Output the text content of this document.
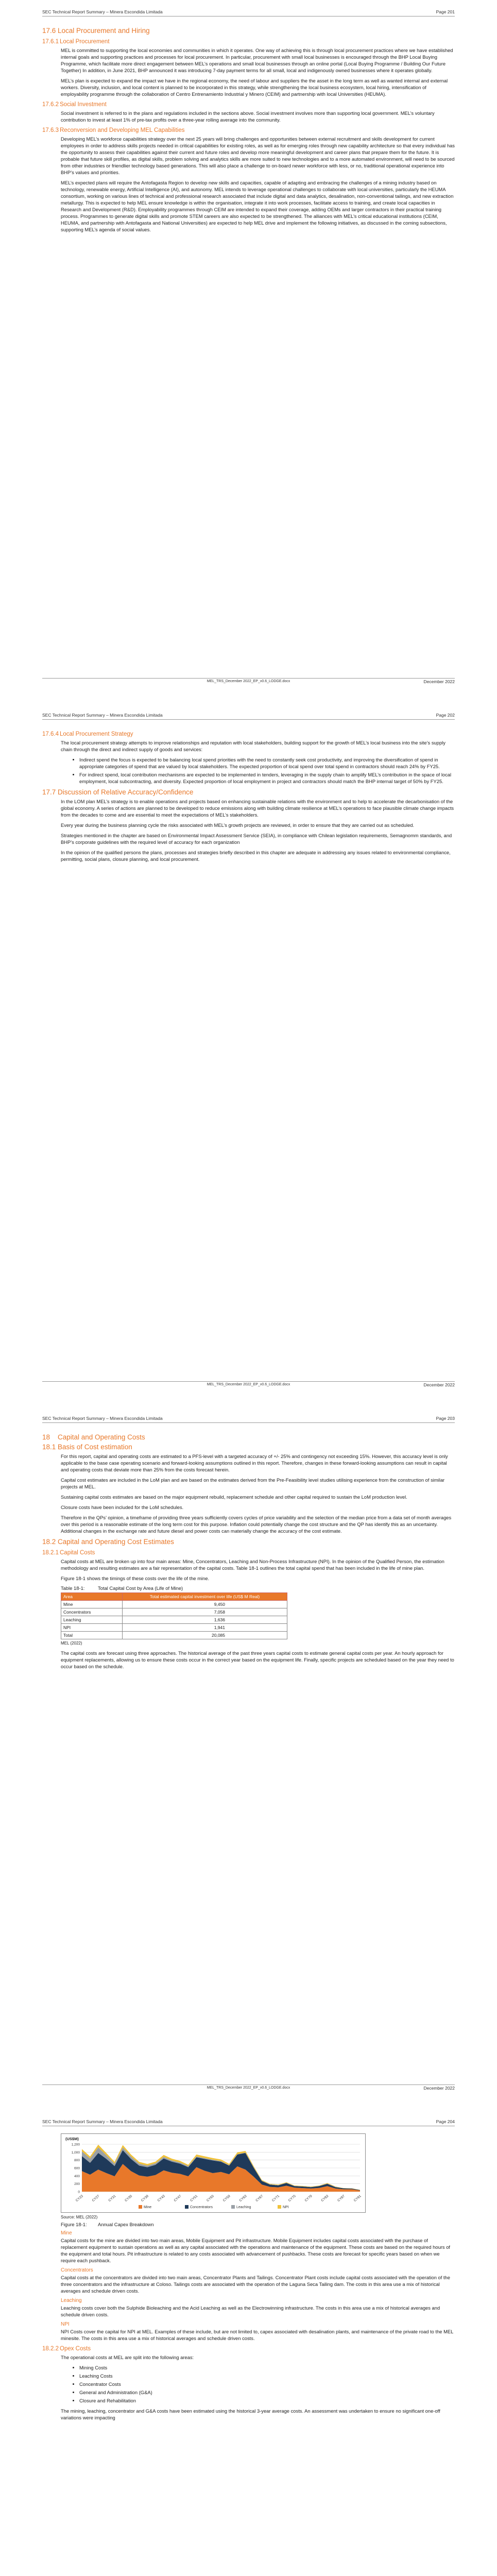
SEC Technical Report Summary – Minera Escondida Limitada	Page 201
17.6 Local Procurement and Hiring
17.6.1 Local Procurement

MEL is committed to supporting the local economies and communities in which it operates. One way of achieving this is through local procurement practices where we have established internal goals and supporting practices and processes for local procurement. In particular, procurement with small local businesses is encouraged through the BHP Local Buying Programme, which facilitate more direct engagement between MEL’s operations and small local businesses through an online portal (Local Buying Programme / Building Our Future Together) In addition, in June 2021, BHP announced it was introducing 7-day payment terms for all small, local and indigenously owned businesses where it operates globally.

MEL’s plan is expected to expand the impact we have in the regional economy, the need of labour and suppliers the the asset in the long term as well as wanted internal and external workers. Diversity, inclusion, and local content is planned to be incorporated in this strategy, while strengthening the local business ecosystem, local hiring, intensification of employability programme through the collaboration of Centro Entrenamiento Industrial y Minero (CEIM) and partnership with local Universities (HEUMA).

17.6.2 Social Investment

Social investment is referred to in the plans and regulations included in the sections above. Social investment involves more than supporting local government. MEL’s voluntary contribution to invest at least 1% of pre-tax profits over a three-year rolling average into the community.

17.6.3 Reconversion and Developing MEL Capabilities

Developing MEL’s workforce capabilities strategy over the next 25 years will bring challenges and opportunities between external recruitment and skills development for current employees in order to address skills projects needed in critical capabilities for existing roles, as well as for emerging roles through new capability architecture so that every individual has the opportunity to assess their capabilities against their current and future roles and develop more meaningful development and career plans that prepare them for the future. It is probable that future skill profiles, as digital skills, problem solving and analytics skills are more suited to new technologies and to a more automated environment, will need to be sourced from other industries or friendlier technology based generations. This will also place a challenge to on-board newer workforce with less, or no, traditional operational experience into BHP’s values and priorities.

MEL’s expected plans will require the Antofagasta Region to develop new skills and capacities, capable of adapting and embracing the challenges of a mining industry based on technology, renewable energy, Artificial Intelligence (AI), and autonomy. MEL intends to leverage operational challenges to collaborate with local universities, particularly the HEUMA consortium, working on various lines of technical and professional research associated that include digital and data analytics, desalination, non-conventional tailings, and new extraction metallurgy. This is expected to help MEL ensure knowledge is within the organisation, integrate it into work processes, facilitate access to training, and create local capacities in Research and Development (R&D). Employability programmes through CEIM are intended to expand their coverage, adding OEMs and larger contractors in their practical training process. Programmes to generate digital skills and promote STEM careers are also expected to be strengthened. The alliances with MEL’s critical educational institutions (CEIM, HEUMA, and partnership with Antofagasta and National Universities) are expected to help MEL drive and implement the following initiatives, as discussed in the coming subsections, supporting MEL’s agenda of social values.

MEL_TRS_December 2022_EP_v0.6_LODGE.docx	December 2022
SEC Technical Report Summary – Minera Escondida Limitada	Page 202
17.6.4 Local Procurement Strategy

The local procurement strategy attempts to improve relationships and reputation with local stakeholders, building support for the growth of MEL’s local business into the site’s supply chain through the direct and indirect supply of goods and services:

• Indirect spend the focus is expected to be balancing local spend priorities with the need to constantly seek cost productivity, and improving the diversification of spend in appropriate categories of spend that are valued by local stakeholders. The expected proportion of local spend over total spend in contractors should reach 24% by FY25.
• For indirect spend, local contribution mechanisms are expected to be implemented in tenders, leveraging in the supply chain to amplify MEL’s contribution in the space of local employment, local subcontracting, and diversity. Expected proportion of local employment in project and contractors should match the BHP internal target of 50% by FY25.
17.7 Discussion of Relative Accuracy/Confidence

In the LOM plan MEL’s strategy is to enable operations and projects based on enhancing sustainable relations with the environment and to help to accelerate the decarbonisation of the global economy. A series of actions are planned to be developed to reduce emissions along with building climate resilience at MEL’s operations to face plausible climate change impacts from the decades to come and are essential to meet the expectations of MEL’s stakeholders.

Every year during the business planning cycle the risks associated with MEL’s growth projects are reviewed, in order to ensure that they are carried out as scheduled.

Strategies mentioned in the chapter are based on Environmental Impact Assessment Service (SEIA), in compliance with Chilean legislation requirements, Semagnomm standards, and BHP’s corporate guidelines with the required level of accuracy for each organization

In the opinion of the qualified persons the plans, processes and strategies briefly described in this chapter are adequate in addressing any issues related to environmental compliance, permitting, social plans, closure planning, and local procurement.

MEL_TRS_December 2022_EP_v0.6_LODGE.docx	December 2022
SEC Technical Report Summary – Minera Escondida Limitada	Page 203
18 Capital and Operating Costs
18.1 Basis of Cost estimation

For this report, capital and operating costs are estimated to a PFS-level with a targeted accuracy of +/- 25% and contingency not exceeding 15%. However, this accuracy level is only applicable to the base case operating scenario and forward-looking assumptions outlined in this report. Therefore, changes in these forward-looking assumptions can result in capital and operating costs that deviate more than 25% from the costs forecast herein.

Capital cost estimates are included in the LoM plan and are based on the estimates derived from the Pre-Feasibility level studies utilising experience from the construction of similar projects at MEL.

Sustaining capital costs estimates are based on the major equipment rebuild, replacement schedule and other capital required to sustain the LoM production level.

Closure costs have been included for the LoM schedules.

Therefore in the QPs’ opinion, a timeframe of providing three years sufficiently covers cycles of price variability and the selection of the median price from a data set of month averages over this period is a reasonable estimate of the long term cost for this purpose. Inflation could potentially change the cost structure and the QP has identify this as an uncertainty. Additional changes in the exchange rate and future diesel and power costs can materially change the accuracy of the cost estimate.

18.2 Capital and Operating Cost Estimates
18.2.1 Capital Costs

Capital costs at MEL are broken up into four main areas: Mine, Concentrators, Leaching and Non-Process Infrastructure (NPI). In the opinion of the Qualified Person, the estimation methodology and resulting estimates are a fair representation of the capital costs. Table 18-1 outlines the total capital spend that has been included in the life of mine plan.

Figure 18-1 shows the timings of these costs over the life of the mine.

Table 18-1:	Total Capital Cost by Area (Life of Mine)
Area	Total estimated capital investment over life (US$ M Real)
Mine	9,450
Concentrators	7,058
Leaching	1,636
NPI	1,941
Total	20,085
MEL (2022)

The capital costs are forecast using three approaches. The historical average of the past three years capital costs to estimate general capital costs per year. An hourly approach for equipment replacements, allowing us to ensure these costs occur in the correct year based on the equipment life. Finally, specific projects are scheduled based on the year they need to occur based on the schedule.

MEL_TRS_December 2022_EP_v0.6_LODGE.docx	December 2022
SEC Technical Report Summary – Minera Escondida Limitada	Page 204
(US$M)
0
200
400
600
800
1,000
1,200
CY23 CY27 CY31 CY35 CY39 CY43 CY47 CY51 CY55 CY59 CY63 CY67 CY71 CY75 CY79 CY83 CY87 CY91
Mine	Concentrators	Leaching	NPI
Source: MEL (2022)
Figure 18-1: Annual Capex Breakdown
Mine

Capital costs for the mine are divided into two main areas, Mobile Equipment and Pit infrastructure. Mobile Equipment includes capital costs associated with the purchase of replacement equipment to sustain operations as well as any capital associated with the operations and maintenance of the equipment. These costs are based on the required hours of the equipment and total hours. Pit infrastructure is related to any costs associated with advancement of pushbacks. These costs are forecast for specific years based on when we require each pushback.

Concentrators

Capital costs at the concentrators are divided into two main areas, Concentrator Plants and Tailings. Concentrator Plant costs include capital costs associated with the operation of the three concentrators and the infrastructure at Coloso. Tailings costs are associated with the operation of the Laguna Seca Tailing dam. The costs in this area use a mix of historical averages and schedule driven costs.

Leaching

Leaching costs cover both the Sulphide Bioleaching and the Acid Leaching as well as the Electrowinning infrastructure. The costs in this area use a mix of historical averages and schedule driven costs.

NPI

NPI Costs cover the capital for NPI at MEL. Examples of these include, but are not limited to, capex associated with desalination plants, and maintenance of the private road to the MEL minesite. The costs in this area use a mix of historical averages and schedule driven costs.

18.2.2 Opex Costs

The operational costs at MEL are split into the following areas:

• Mining Costs
• Leaching Costs
• Concentrator Costs
• General and Administration (G&A)
• Closure and Rehabilitation

The mining, leaching, concentrator and G&A costs have been estimated using the historical 3-year average costs. An assessment was undertaken to ensure no significant one-off variations were impacting
